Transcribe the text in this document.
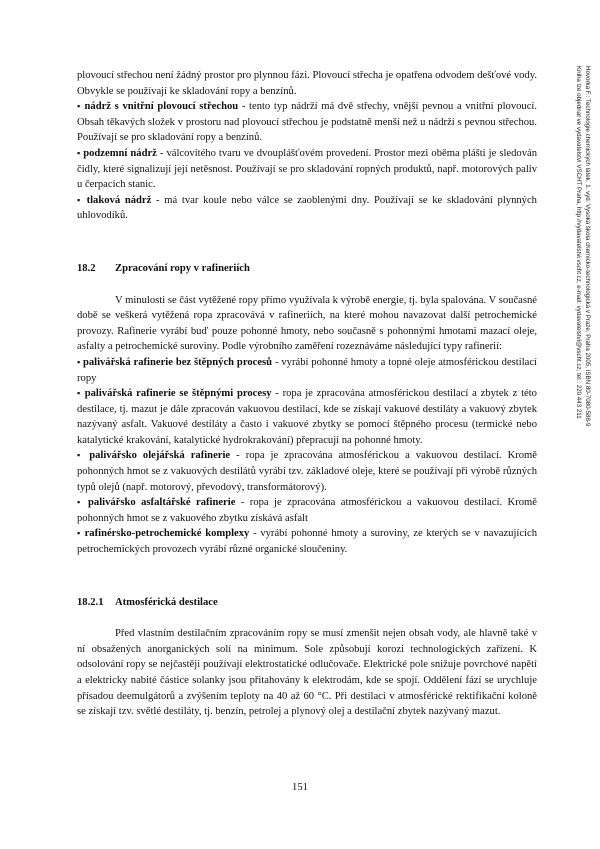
plovoucí střechou není žádný prostor pro plynnou fázi. Plovoucí střecha je opatřena odvodem dešťové vody. Obvykle se používají ke skladování ropy a benzínů.

▪ nádrž s vnitřní plovoucí střechou - tento typ nádrží má dvě střechy, vnější pevnou a vnitřní plovoucí. Obsah těkavých složek v prostoru nad plovoucí střechou je podstatně menší než u nádrží s pevnou střechou. Používají se pro skladování ropy a benzínů.

▪ podzemní nádrž - válcovitého tvaru ve dvouplášťovém provedení. Prostor mezi oběma plášti je sledován čidly, které signalizují její netěsnost. Používají se pro skladování ropných produktů, např. motorových paliv u čerpacích stanic.

▪ tlaková nádrž - má tvar koule nebo válce se zaoblenými dny. Používají se ke skladování plynných uhlovodíků.

18.2 Zpracování ropy v rafineriích

V minulosti se část vytěžené ropy přímo využívala k výrobě energie, tj. byla spalována. V současné době se veškerá vytěžená ropa zpracovává v rafineriích, na které mohou navazovat další petrochemické provozy. Rafinerie vyrábí buď pouze pohonné hmoty, nebo současně s pohonnými hmotami mazací oleje, asfalty a petrochemické suroviny. Podle výrobního zaměření rozeznáváme následující typy rafinerií:

▪ palivářská rafinerie bez štěpných procesů - vyrábí pohonné hmoty a topné oleje atmosférickou destilací ropy

▪ palivářská rafinerie se štěpnými procesy - ropa je zpracována atmosférickou destilací a zbytek z této destilace, tj. mazut je dále zpracován vakuovou destilací, kde se získají vakuové destiláty a vakuový zbytek nazývaný asfalt. Vakuové destiláty a často i vakuové zbytky se pomocí štěpného procesu (termické nebo katalytické krakování, katalytické hydrokrakování) přepracují na pohonné hmoty.

▪ palivářsko olejářská rafinerie - ropa je zpracována atmosférickou a vakuovou destilací. Kromě pohonných hmot se z vakuových destilátů vyrábí tzv. základové oleje, které se používají při výrobě různých typů olejů (např. motorový, převodový, transformátorový).

▪ palivářsko asfaltářské rafinerie - ropa je zpracována atmosférickou a vakuovou destilací. Kromě pohonných hmot se z vakuového zbytku získává asfalt

▪ rafinérsko-petrochemické komplexy - vyrábí pohonné hmoty a suroviny, ze kterých se v navazujících petrochemických provozech vyrábí různé organické sloučeniny.

18.2.1 Atmosférická destilace

Před vlastním destilačním zpracováním ropy se musí zmenšit nejen obsah vody, ale hlavně také v ní obsažených anorganických solí na minimum. Sole způsobují korozi technologických zařízení. K odsolování ropy se nejčastěji používají elektrostatické odlučovače. Elektrické pole snižuje povrchové napětí a elektricky nabité částice solanky jsou přitahovány k elektrodám, kde se spojí. Oddělení fází se urychluje přísadou deemulgátorů a zvýšením teploty na 40 až 60 °C. Při destilaci v atmosférické rektifikační koloně se získají tzv. světlé destiláty, tj. benzín, petrolej a plynový olej a destilační zbytek nazývaný mazut.

Hovorka F.: Technologie chemických látek. 1. vyd. Vysoká škola chemicko-technologická v Praze, Praha 2005, ISBN 80-7080-588-9
Kniha lze objednat ve vydavatelství VŠCHT Praha, http://vydavatelstvi.vscht.cz, e-mail: vydavatelstvi@vscht.cz, tel.: 220 443 211
151
